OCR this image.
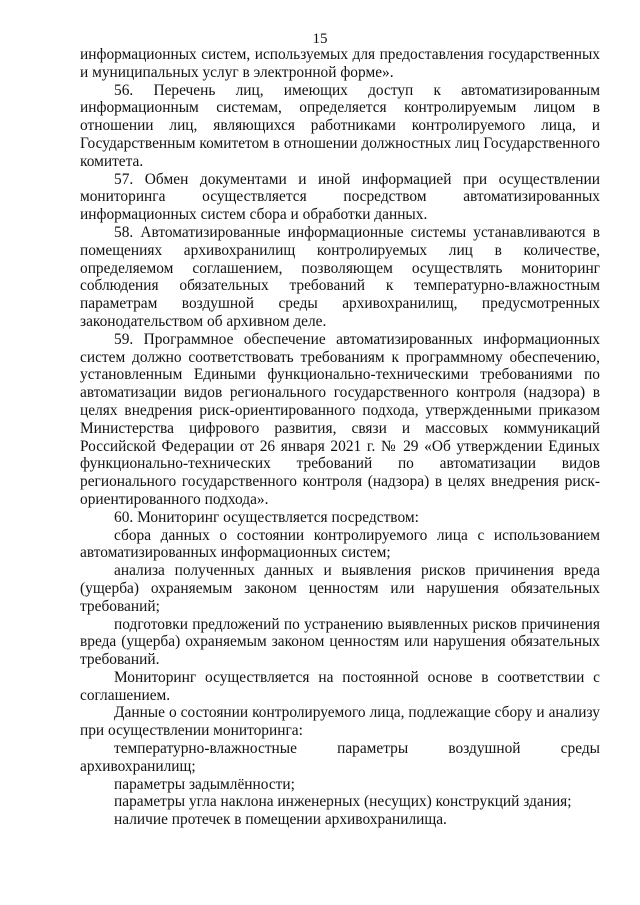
15

информационных систем, используемых для предоставления государственных и муниципальных услуг в электронной форме».

56. Перечень лиц, имеющих доступ к автоматизированным информационным системам, определяется контролируемым лицом в отношении лиц, являющихся работниками контролируемого лица, и Государственным комитетом в отношении должностных лиц Государственного комитета.

57. Обмен документами и иной информацией при осуществлении мониторинга осуществляется посредством автоматизированных информационных систем сбора и обработки данных.

58. Автоматизированные информационные системы устанавливаются в помещениях архивохранилищ контролируемых лиц в количестве, определяемом соглашением, позволяющем осуществлять мониторинг соблюдения обязательных требований к температурно-влажностным параметрам воздушной среды архивохранилищ, предусмотренных законодательством об архивном деле.

59. Программное обеспечение автоматизированных информационных систем должно соответствовать требованиям к программному обеспечению, установленным Едиными функционально-техническими требованиями по автоматизации видов регионального государственного контроля (надзора) в целях внедрения риск-ориентированного подхода, утвержденными приказом Министерства цифрового развития, связи и массовых коммуникаций Российской Федерации от 26 января 2021 г. № 29 «Об утверждении Единых функционально-технических требований по автоматизации видов регионального государственного контроля (надзора) в целях внедрения риск-ориентированного подхода».

60. Мониторинг осуществляется посредством:

сбора данных о состоянии контролируемого лица с использованием автоматизированных информационных систем;

анализа полученных данных и выявления рисков причинения вреда (ущерба) охраняемым законом ценностям или нарушения обязательных требований;

подготовки предложений по устранению выявленных рисков причинения вреда (ущерба) охраняемым законом ценностям или нарушения обязательных требований.

Мониторинг осуществляется на постоянной основе в соответствии с соглашением.

Данные о состоянии контролируемого лица, подлежащие сбору и анализу при осуществлении мониторинга:

температурно-влажностные параметры воздушной среды архивохранилищ;

параметры задымлённости;

параметры угла наклона инженерных (несущих) конструкций здания;

наличие протечек в помещении архивохранилища.
